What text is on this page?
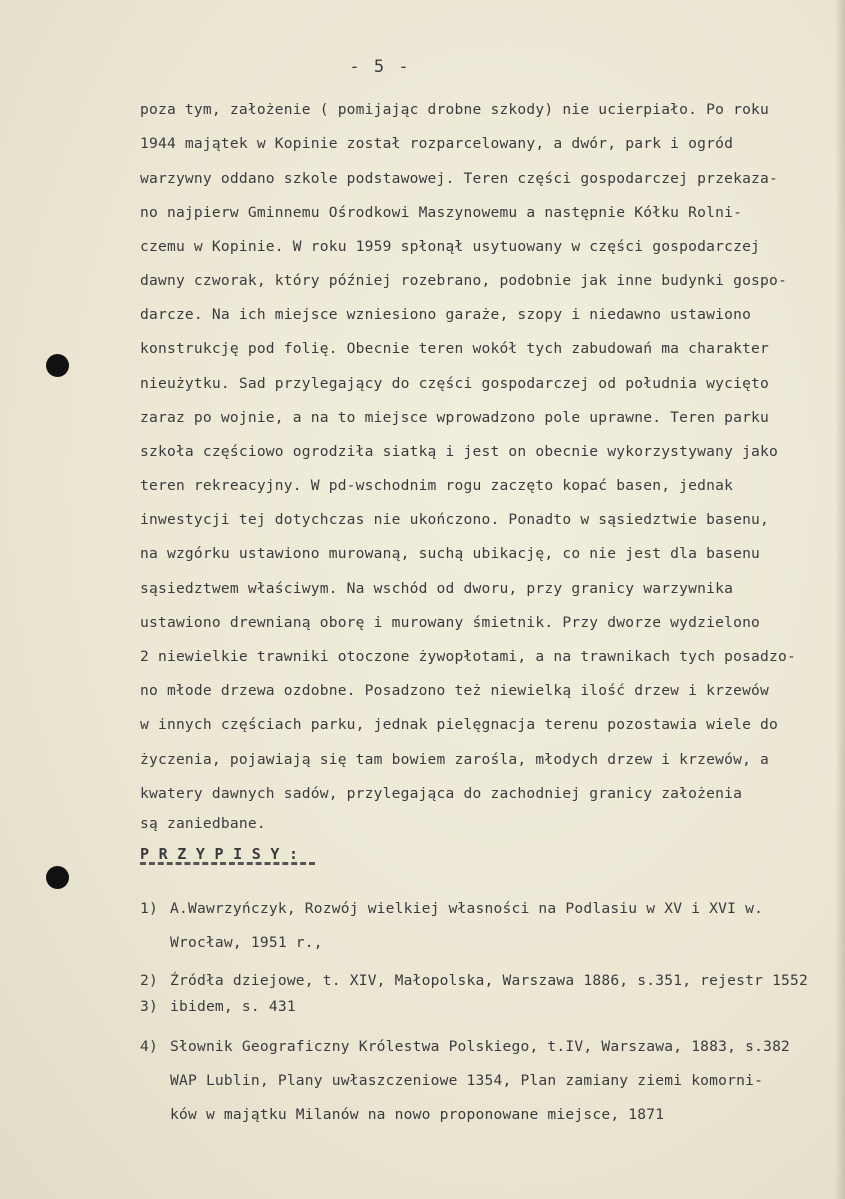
- 5 -
poza tym, założenie ( pomijając drobne szkody) nie ucierpiało. Po roku
1944 majątek w Kopinie został rozparcelowany, a dwór, park i ogród
warzywny oddano szkole podstawowej. Teren części gospodarczej przekaza-
no najpierw Gminnemu Ośrodkowi Maszynowemu a następnie Kółku Rolni-
czemu w Kopinie. W roku 1959 spłonął usytuowany w części gospodarczej
dawny czworak, który później rozebrano, podobnie jak inne budynki gospo-
darcze. Na ich miejsce wzniesiono garaże, szopy i niedawno ustawiono
konstrukcję pod folię. Obecnie teren wokół tych zabudowań ma charakter
nieużytku. Sad przylegający do części gospodarczej od południa wycięto
zaraz po wojnie, a na to miejsce wprowadzono pole uprawne. Teren parku
szkoła częściowo ogrodziła siatką i jest on obecnie wykorzystywany jako
teren rekreacyjny. W pd-wschodnim rogu zaczęto kopać basen, jednak
inwestycji tej dotychczas nie ukończono. Ponadto w sąsiedztwie basenu,
na wzgórku ustawiono murowaną, suchą ubikację, co nie jest dla basenu
sąsiedztwem właściwym. Na wschód od dworu, przy granicy warzywnika
ustawiono drewnianą oborę i murowany śmietnik. Przy dworze wydzielono
2 niewielkie trawniki otoczone żywopłotami, a na trawnikach tych posadzo-
no młode drzewa ozdobne. Posadzono też niewielką ilość drzew i krzewów
w innych częściach parku, jednak pielęgnacja terenu pozostawia wiele do
życzenia, pojawiają się tam bowiem zarośla, młodych drzew i krzewów, a
kwatery dawnych sadów, przylegająca do zachodniej granicy założenia
są zaniedbane.
PRZYPISY:
1) A.Wawrzyńczyk, Rozwój wielkiej własności na Podlasiu w XV i XVI w.
Wrocław, 1951 r.,
2) Źródła dziejowe, t. XIV, Małopolska, Warszawa 1886, s.351, rejestr 1552
3) ibidem, s. 431
4) Słownik Geograficzny Królestwa Polskiego, t.IV, Warszawa, 1883, s.382
WAP Lublin, Plany uwłaszczeniowe 1354, Plan zamiany ziemi komorni-
ków w majątku Milanów na nowo proponowane miejsce, 1871
